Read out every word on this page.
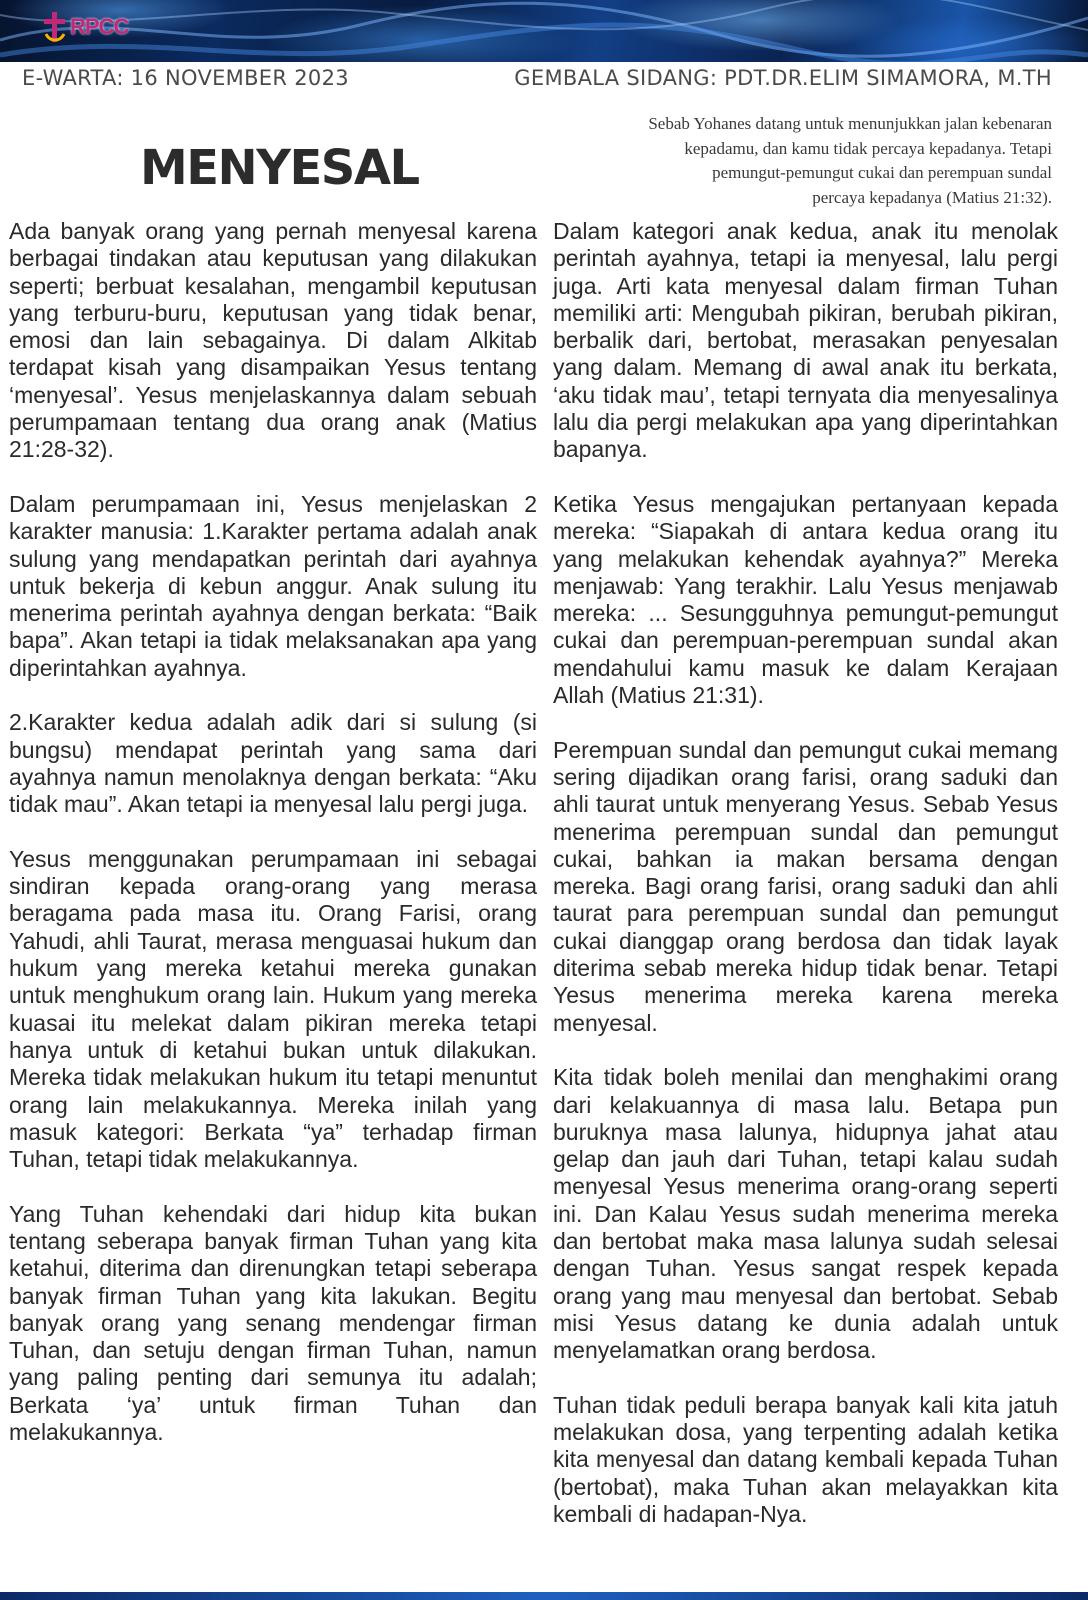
RPCC
E-WARTA: 16 NOVEMBER 2023	GEMBALA SIDANG: PDT.DR.ELIM SIMAMORA, M.TH
MENYESAL
Sebab Yohanes datang untuk menunjukkan jalan kebenaran
kepadamu, dan kamu tidak percaya kepadanya. Tetapi
pemungut-pemungut cukai dan perempuan sundal
percaya kepadanya (Matius 21:32).

Ada banyak orang yang pernah menyesal karena berbagai tindakan atau keputusan yang dilakukan seperti; berbuat kesalahan, mengambil keputusan yang terburu-buru, keputusan yang tidak benar, emosi dan lain sebagainya. Di dalam Alkitab terdapat kisah yang disampaikan Yesus tentang ‘menyesal’. Yesus menjelaskannya dalam sebuah perumpamaan tentang dua orang anak (Matius 21:28-32).

Dalam perumpamaan ini, Yesus menjelaskan 2 karakter manusia: 1.Karakter pertama adalah anak sulung yang mendapatkan perintah dari ayahnya untuk bekerja di kebun anggur. Anak sulung itu menerima perintah ayahnya dengan berkata: “Baik bapa”. Akan tetapi ia tidak melaksanakan apa yang diperintahkan ayahnya.

2.Karakter kedua adalah adik dari si sulung (si bungsu) mendapat perintah yang sama dari ayahnya namun menolaknya dengan berkata: “Aku tidak mau”. Akan tetapi ia menyesal lalu pergi juga.

Yesus menggunakan perumpamaan ini sebagai sindiran kepada orang-orang yang merasa beragama pada masa itu. Orang Farisi, orang Yahudi, ahli Taurat, merasa menguasai hukum dan hukum yang mereka ketahui mereka gunakan untuk menghukum orang lain. Hukum yang mereka kuasai itu melekat dalam pikiran mereka tetapi hanya untuk di ketahui bukan untuk dilakukan. Mereka tidak melakukan hukum itu tetapi menuntut orang lain melakukannya. Mereka inilah yang masuk kategori: Berkata “ya” terhadap firman Tuhan, tetapi tidak melakukannya.

Yang Tuhan kehendaki dari hidup kita bukan tentang seberapa banyak firman Tuhan yang kita ketahui, diterima dan direnungkan tetapi seberapa banyak firman Tuhan yang kita lakukan. Begitu banyak orang yang senang mendengar firman Tuhan, dan setuju dengan firman Tuhan, namun yang paling penting dari semunya itu adalah; Berkata ‘ya’ untuk firman Tuhan dan melakukannya.

Dalam kategori anak kedua, anak itu menolak perintah ayahnya, tetapi ia menyesal, lalu pergi juga. Arti kata menyesal dalam firman Tuhan memiliki arti: Mengubah pikiran, berubah pikiran, berbalik dari, bertobat, merasakan penyesalan yang dalam. Memang di awal anak itu berkata, ‘aku tidak mau’, tetapi ternyata dia menyesalinya lalu dia pergi melakukan apa yang diperintahkan bapanya.

Ketika Yesus mengajukan pertanyaan kepada mereka: “Siapakah di antara kedua orang itu yang melakukan kehendak ayahnya?” Mereka menjawab: Yang terakhir. Lalu Yesus menjawab mereka: ... Sesungguhnya pemungut-pemungut cukai dan perempuan-perempuan sundal akan mendahului kamu masuk ke dalam Kerajaan Allah (Matius 21:31).

Perempuan sundal dan pemungut cukai memang sering dijadikan orang farisi, orang saduki dan ahli taurat untuk menyerang Yesus. Sebab Yesus menerima perempuan sundal dan pemungut cukai, bahkan ia makan bersama dengan mereka. Bagi orang farisi, orang saduki dan ahli taurat para perempuan sundal dan pemungut cukai dianggap orang berdosa dan tidak layak diterima sebab mereka hidup tidak benar. Tetapi Yesus menerima mereka karena mereka menyesal.

Kita tidak boleh menilai dan menghakimi orang dari kelakuannya di masa lalu. Betapa pun buruknya masa lalunya, hidupnya jahat atau gelap dan jauh dari Tuhan, tetapi kalau sudah menyesal Yesus menerima orang-orang seperti ini. Dan Kalau Yesus sudah menerima mereka dan bertobat maka masa lalunya sudah selesai dengan Tuhan. Yesus sangat respek kepada orang yang mau menyesal dan bertobat. Sebab misi Yesus datang ke dunia adalah untuk menyelamatkan orang berdosa.

Tuhan tidak peduli berapa banyak kali kita jatuh melakukan dosa, yang terpenting adalah ketika kita menyesal dan datang kembali kepada Tuhan (bertobat), maka Tuhan akan melayakkan kita kembali di hadapan-Nya.
